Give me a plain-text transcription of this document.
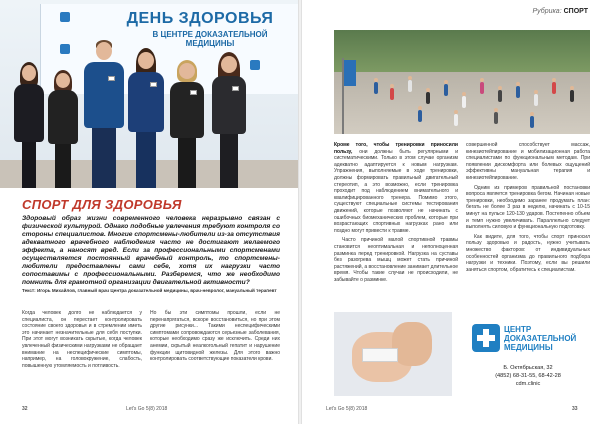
ДЕНЬ ЗДОРОВЬЯ
В ЦЕНТРЕ ДОКАЗАТЕЛЬНОЙ МЕДИЦИНЫ
СПОРТ ДЛЯ ЗДОРОВЬЯ
Здоровый образ жизни современного человека неразрывно связан с физической культурой. Однако подобные увлечения требуют контроля со стороны специалистов. Многие спортсмены-любители из-за отсутствия адекватного врачебного наблюдения часто не достигают желаемого эффекта, а наносят вред. Если за профессиональными спортсменами осуществляется постоянный врачебный контроль, то спортсмены-любители предоставлены сами себе, хотя их нагрузки часто сопоставимы с профессиональными. Разберемся, что же необходимо помнить для грамотной организации двигательной активности?
Текст: Игорь Михайлов, главный врач Центра доказательной медицины, врач-невролог, мануальный терапевт
Когда человек долго не наблюдается у специалиста, он перестает контролировать состояние своего здоровья и в стремлении иметь это начинает незначительные для себя поступки. При этот могут возникать скрытые, когда человек увлеченный физическими нагрузками не обращает внимание на неспецифические симптомы, например, на головокружение, слабость, повышенную утомляемость и потливость.
Но бы эти симптомы прошли, если не перенапрягаться, вскоре восстановиться, но при этом другие рисунки... Такими неспецифическими симптомами сопровождаются серьезные заболевания, которые необходимо сразу же исключить. Среди них анемии, скрытый неалкогольный гепатит и нарушение функции щитовидной железы. Для этого важно контролировать соответствующие показатели крови.
32	Let's Go 5(8) 2018
Рубрика: СПОРТ
Кроме того, чтобы тренировки приносили пользу, они должны быть регулярными и систематическими. Только в этом случае организм адекватно адаптируется к новым нагрузкам. Упражнения, выполняемые в ходе тренировки, должны формировать правильный двигательный стереотип, а это возможно, если тренировка проходит под наблюдением внимательного и квалифицированного тренера. Помимо этого, существуют специальные системы тестирования движений, которые позволяют не начинать с ошибочных биомеханических проблем, которые при возрастающих спортивных нагрузках рано или поздно могут привести к травме.
Часто причиной малой спортивной травмы становится неоптимальная и неполноценная разминка перед тренировкой. Нагрузка на суставы без разогрева мышц может стать причиной растяжений, а восстановление занимает длительное время. Чтобы такие случаи не происходили, не забывайте о разминке.
совершенной способствует массаж, кинезиотейпирование и мобилизационная работа специалистами по функциональным методам. При появлении дискомфорта или болевых ощущений эффективны мануальная терапия и кинезиотейпирование.
Одним из примеров правильной постановки вопроса является тренировка бегом. Начиная новые тренировки, необходимо заранее продумать план: бегать не более 3 раз в неделю, начинать с 10-15 минут на пульсе 120-130 ударов. Постепенно объем и темп нужно увеличивать. Параллельно следует выполнять силовую и функциональную подготовку.
Как видите, для того, чтобы спорт приносил пользу здоровью и радость, нужно учитывать множество факторов: от индивидуальных особенностей организма до правильного подбора нагрузки и техники. Поэтому, если вы решили заняться спортом, обратитесь к специалистам.
ЦЕНТР ДОКАЗАТЕЛЬНОЙ МЕДИЦИНЫ
Б. Октябрьская, 32
(4852) 68-31-55, 68-42-28
cdm.clinic
Let's Go 5(8) 2018	33
